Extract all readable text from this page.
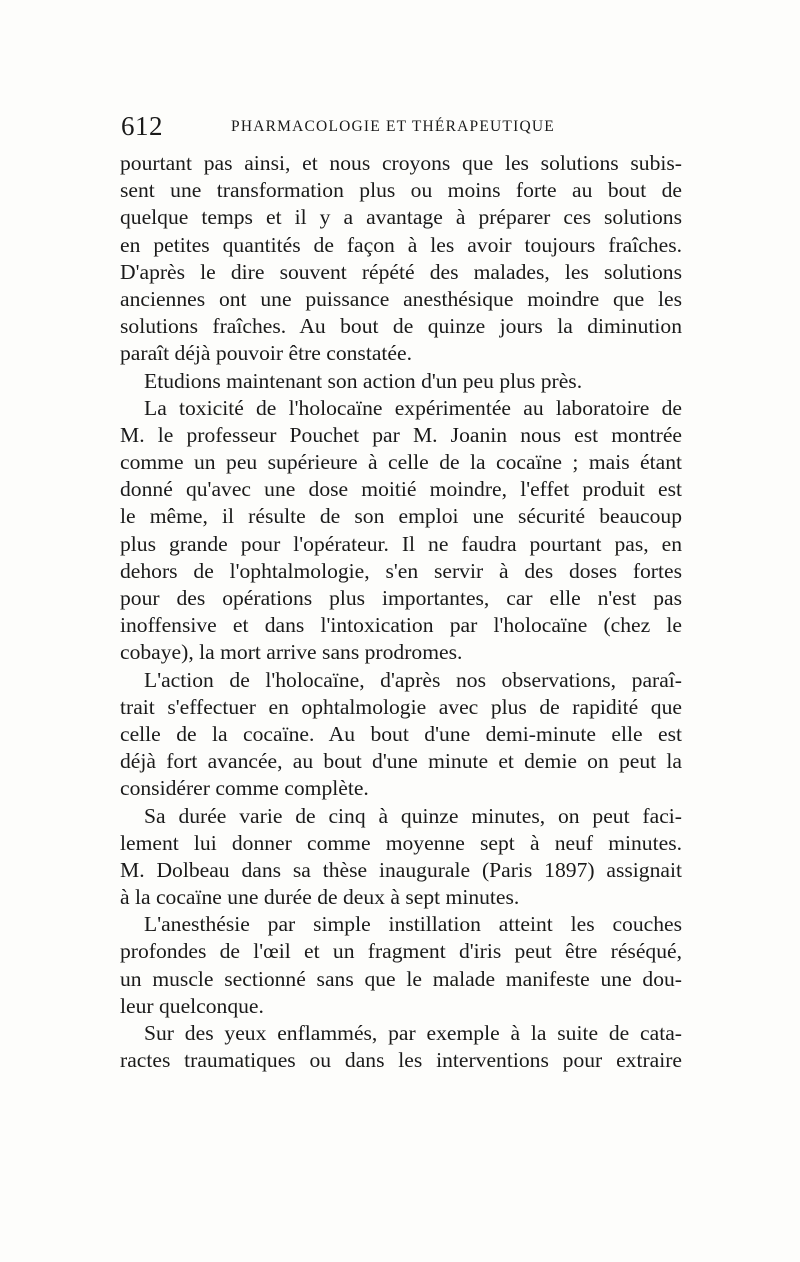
612	PHARMACOLOGIE ET THÉRAPEUTIQUE
pourtant pas ainsi, et nous croyons que les solutions subis-
sent une transformation plus ou moins forte au bout de
quelque temps et il y a avantage à préparer ces solutions
en petites quantités de façon à les avoir toujours fraîches.
D'après le dire souvent répété des malades, les solutions
anciennes ont une puissance anesthésique moindre que les
solutions fraîches. Au bout de quinze jours la diminution
paraît déjà pouvoir être constatée.
Etudions maintenant son action d'un peu plus près.
La toxicité de l'holocaïne expérimentée au laboratoire de
M. le professeur Pouchet par M. Joanin nous est montrée
comme un peu supérieure à celle de la cocaïne ; mais étant
donné qu'avec une dose moitié moindre, l'effet produit est
le même, il résulte de son emploi une sécurité beaucoup
plus grande pour l'opérateur. Il ne faudra pourtant pas, en
dehors de l'ophtalmologie, s'en servir à des doses fortes
pour des opérations plus importantes, car elle n'est pas
inoffensive et dans l'intoxication par l'holocaïne (chez le
cobaye), la mort arrive sans prodromes.
L'action de l'holocaïne, d'après nos observations, paraî-
trait s'effectuer en ophtalmologie avec plus de rapidité que
celle de la cocaïne. Au bout d'une demi-minute elle est
déjà fort avancée, au bout d'une minute et demie on peut la
considérer comme complète.
Sa durée varie de cinq à quinze minutes, on peut faci-
lement lui donner comme moyenne sept à neuf minutes.
M. Dolbeau dans sa thèse inaugurale (Paris 1897) assignait
à la cocaïne une durée de deux à sept minutes.
L'anesthésie par simple instillation atteint les couches
profondes de l'œil et un fragment d'iris peut être réséqué,
un muscle sectionné sans que le malade manifeste une dou-
leur quelconque.
Sur des yeux enflammés, par exemple à la suite de cata-
ractes traumatiques ou dans les interventions pour extraire
